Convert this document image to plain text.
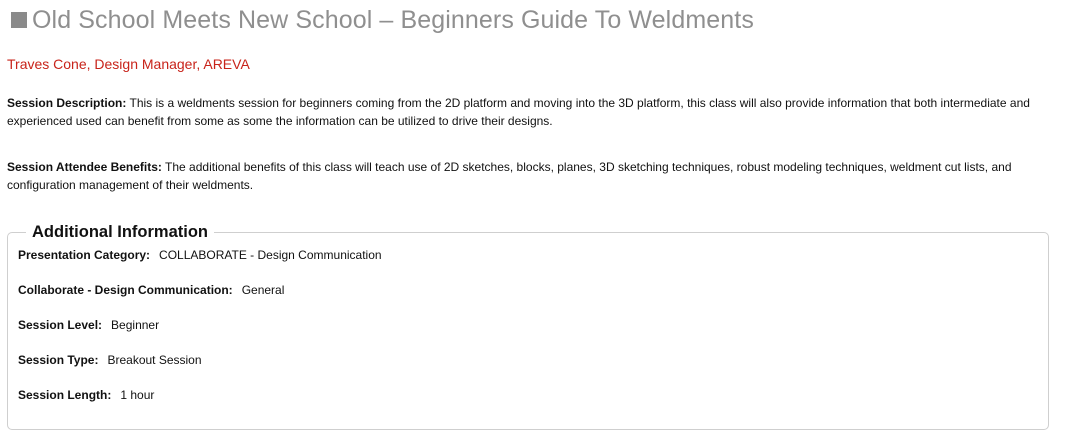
Old School Meets New School – Beginners Guide To Weldments
Traves Cone, Design Manager, AREVA

Session Description: This is a weldments session for beginners coming from the 2D platform and moving into the 3D platform, this class will also provide information that both intermediate and experienced used can benefit from some as some the information can be utilized to drive their designs.

Session Attendee Benefits: The additional benefits of this class will teach use of 2D sketches, blocks, planes, 3D sketching techniques, robust modeling techniques, weldment cut lists, and configuration management of their weldments.

Additional Information
Presentation Category: COLLABORATE - Design Communication
Collaborate - Design Communication: General
Session Level: Beginner
Session Type: Breakout Session
Session Length: 1 hour
